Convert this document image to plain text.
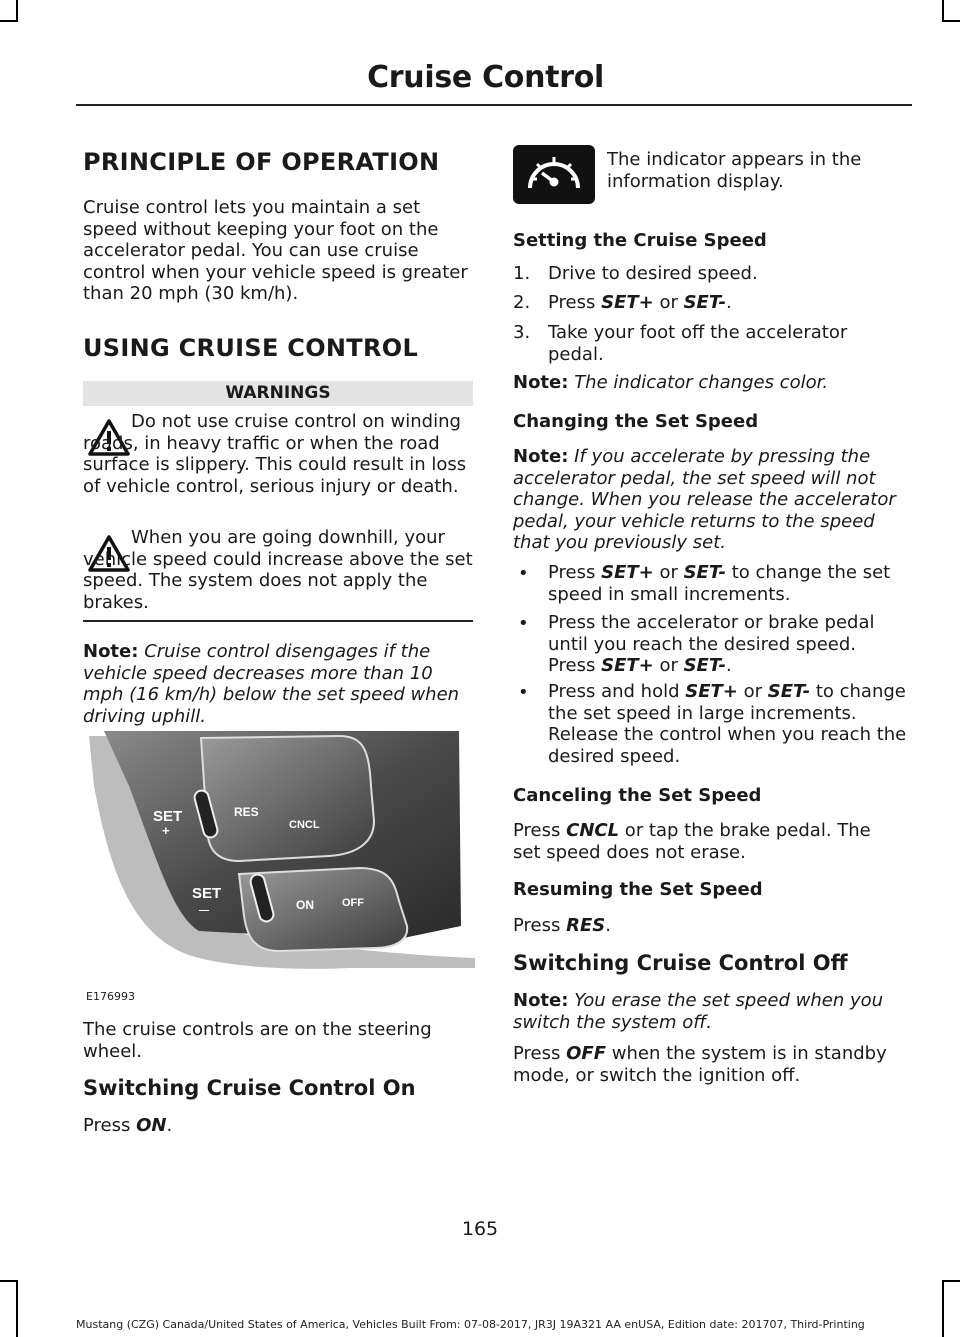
Cruise Control
PRINCIPLE OF OPERATION

Cruise control lets you maintain a set speed without keeping your foot on the accelerator pedal. You can use cruise control when your vehicle speed is greater than 20 mph (30 km/h).

USING CRUISE CONTROL
WARNINGS

Do not use cruise control on winding roads, in heavy traffic or when the road surface is slippery. This could result in loss of vehicle control, serious injury or death.

When you are going downhill, your vehicle speed could increase above the set speed. The system does not apply the brakes.

Note: Cruise control disengages if the vehicle speed decreases more than 10 mph (16 km/h) below the set speed when driving uphill.

SET
+
RES
CNCL
SET
—	ON	OFF
E176993

The cruise controls are on the steering wheel.

Switching Cruise Control On

Press ON.

The indicator appears in the information display.

Setting the Cruise Speed
1. Drive to desired speed.
2. Press SET+ or SET-.
3. Take your foot off the accelerator pedal.

Note: The indicator changes color.

Changing the Set Speed

Note: If you accelerate by pressing the accelerator pedal, the set speed will not change. When you release the accelerator pedal, your vehicle returns to the speed that you previously set.

• Press SET+ or SET- to change the set speed in small increments.
• Press the accelerator or brake pedal until you reach the desired speed. Press SET+ or SET-.
• Press and hold SET+ or SET- to change the set speed in large increments. Release the control when you reach the desired speed.
Canceling the Set Speed

Press CNCL or tap the brake pedal. The set speed does not erase.

Resuming the Set Speed

Press RES.

Switching Cruise Control Off

Note: You erase the set speed when you switch the system off.

Press OFF when the system is in standby mode, or switch the ignition off.

165
Mustang (CZG) Canada/United States of America, Vehicles Built From: 07-08-2017, JR3J 19A321 AA enUSA, Edition date: 201707, Third-Printing
